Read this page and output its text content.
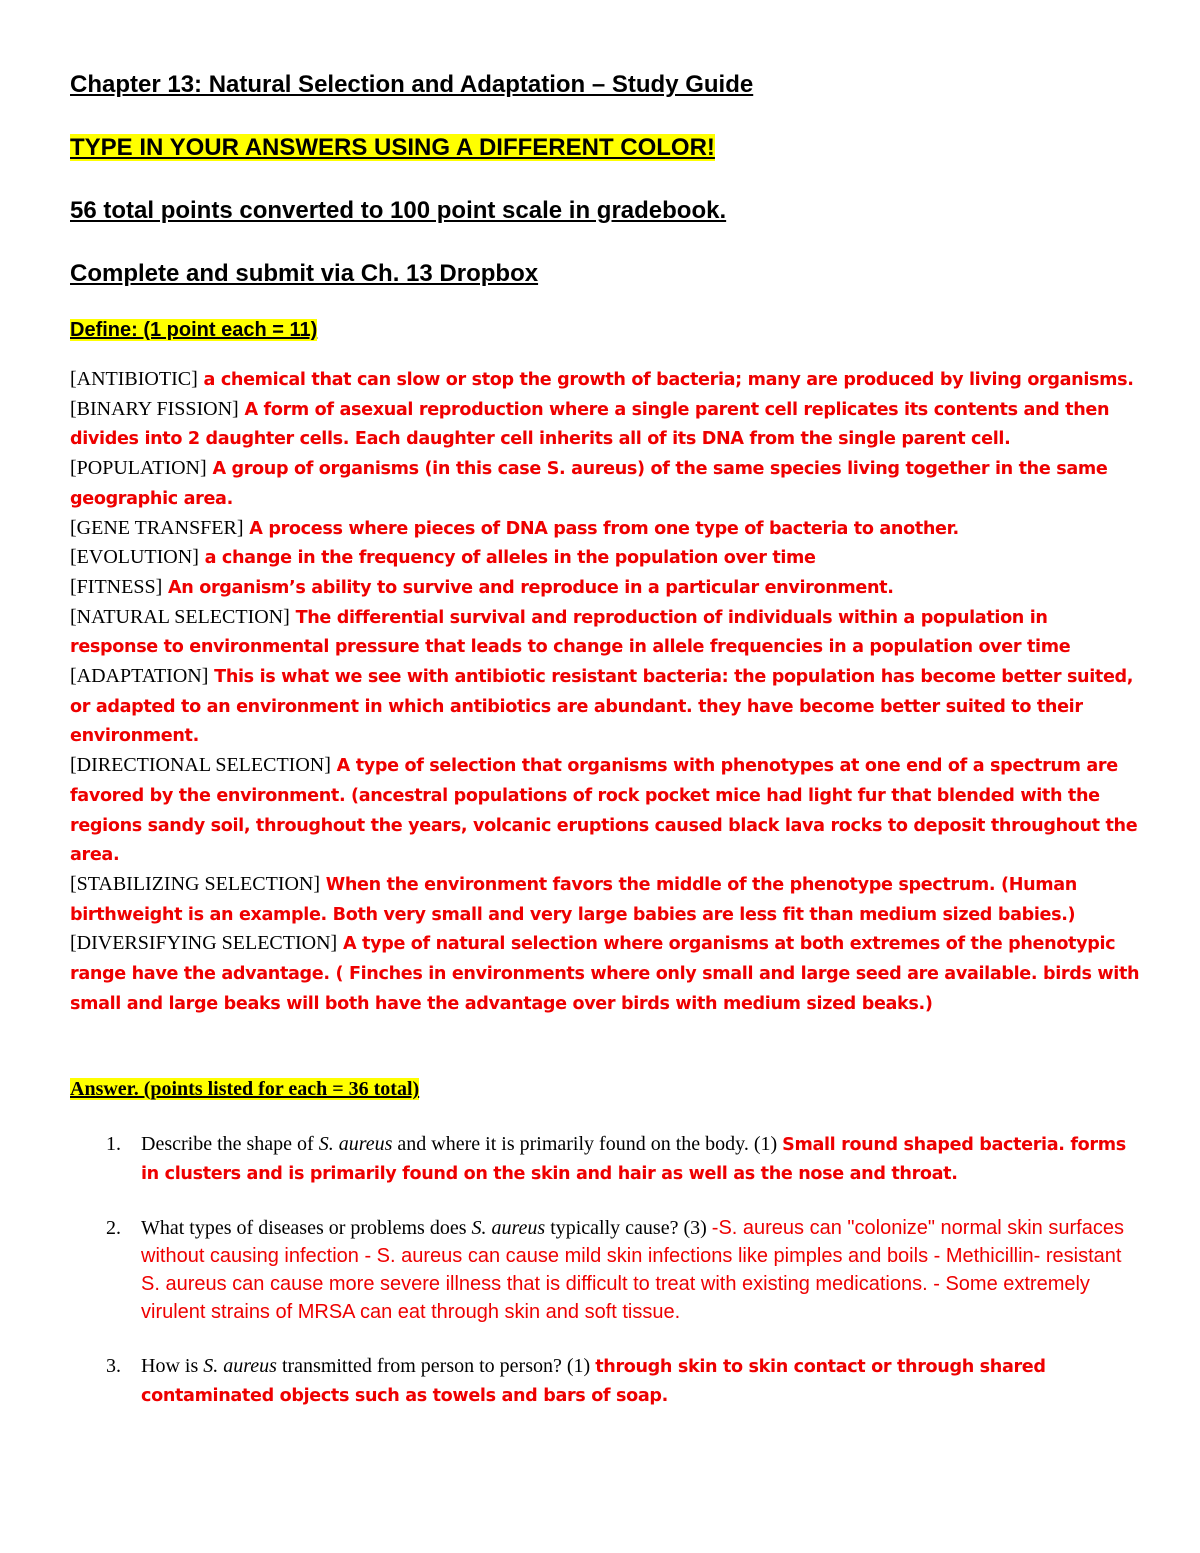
Chapter 13: Natural Selection and Adaptation – Study Guide

TYPE IN YOUR ANSWERS USING A DIFFERENT COLOR!

56 total points converted to 100 point scale in gradebook.

Complete and submit via Ch. 13 Dropbox

Define: (1 point each = 11)

[ANTIBIOTIC] a chemical that can slow or stop the growth of bacteria; many are produced by living organisms.

[BINARY FISSION] A form of asexual reproduction where a single parent cell replicates its contents and then divides into 2 daughter cells. Each daughter cell inherits all of its DNA from the single parent cell.

[POPULATION] A group of organisms (in this case S. aureus) of the same species living together in the same geographic area.

[GENE TRANSFER] A process where pieces of DNA pass from one type of bacteria to another.

[EVOLUTION] a change in the frequency of alleles in the population over time

[FITNESS] An organism’s ability to survive and reproduce in a particular environment.

[NATURAL SELECTION] The differential survival and reproduction of individuals within a population in response to environmental pressure that leads to change in allele frequencies in a population over time

[ADAPTATION] This is what we see with antibiotic resistant bacteria: the population has become better suited, or adapted to an environment in which antibiotics are abundant. they have become better suited to their environment.

[DIRECTIONAL SELECTION] A type of selection that organisms with phenotypes at one end of a spectrum are favored by the environment. (ancestral populations of rock pocket mice had light fur that blended with the regions sandy soil, throughout the years, volcanic eruptions caused black lava rocks to deposit throughout the area.

[STABILIZING SELECTION] When the environment favors the middle of the phenotype spectrum. (Human birthweight is an example. Both very small and very large babies are less fit than medium sized babies.)

[DIVERSIFYING SELECTION] A type of natural selection where organisms at both extremes of the phenotypic range have the advantage. ( Finches in environments where only small and large seed are available. birds with small and large beaks will both have the advantage over birds with medium sized beaks.)

Answer. (points listed for each = 36 total)

1. Describe the shape of S. aureus and where it is primarily found on the body. (1) Small round shaped bacteria. forms in clusters and is primarily found on the skin and hair as well as the nose and throat.
2. What types of diseases or problems does S. aureus typically cause? (3) -S. aureus can "colonize" normal skin surfaces without causing infection - S. aureus can cause mild skin infections like pimples and boils - Methicillin- resistant S. aureus can cause more severe illness that is difficult to treat with existing medications. - Some extremely virulent strains of MRSA can eat through skin and soft tissue.
3. How is S. aureus transmitted from person to person? (1) through skin to skin contact or through shared contaminated objects such as towels and bars of soap.
